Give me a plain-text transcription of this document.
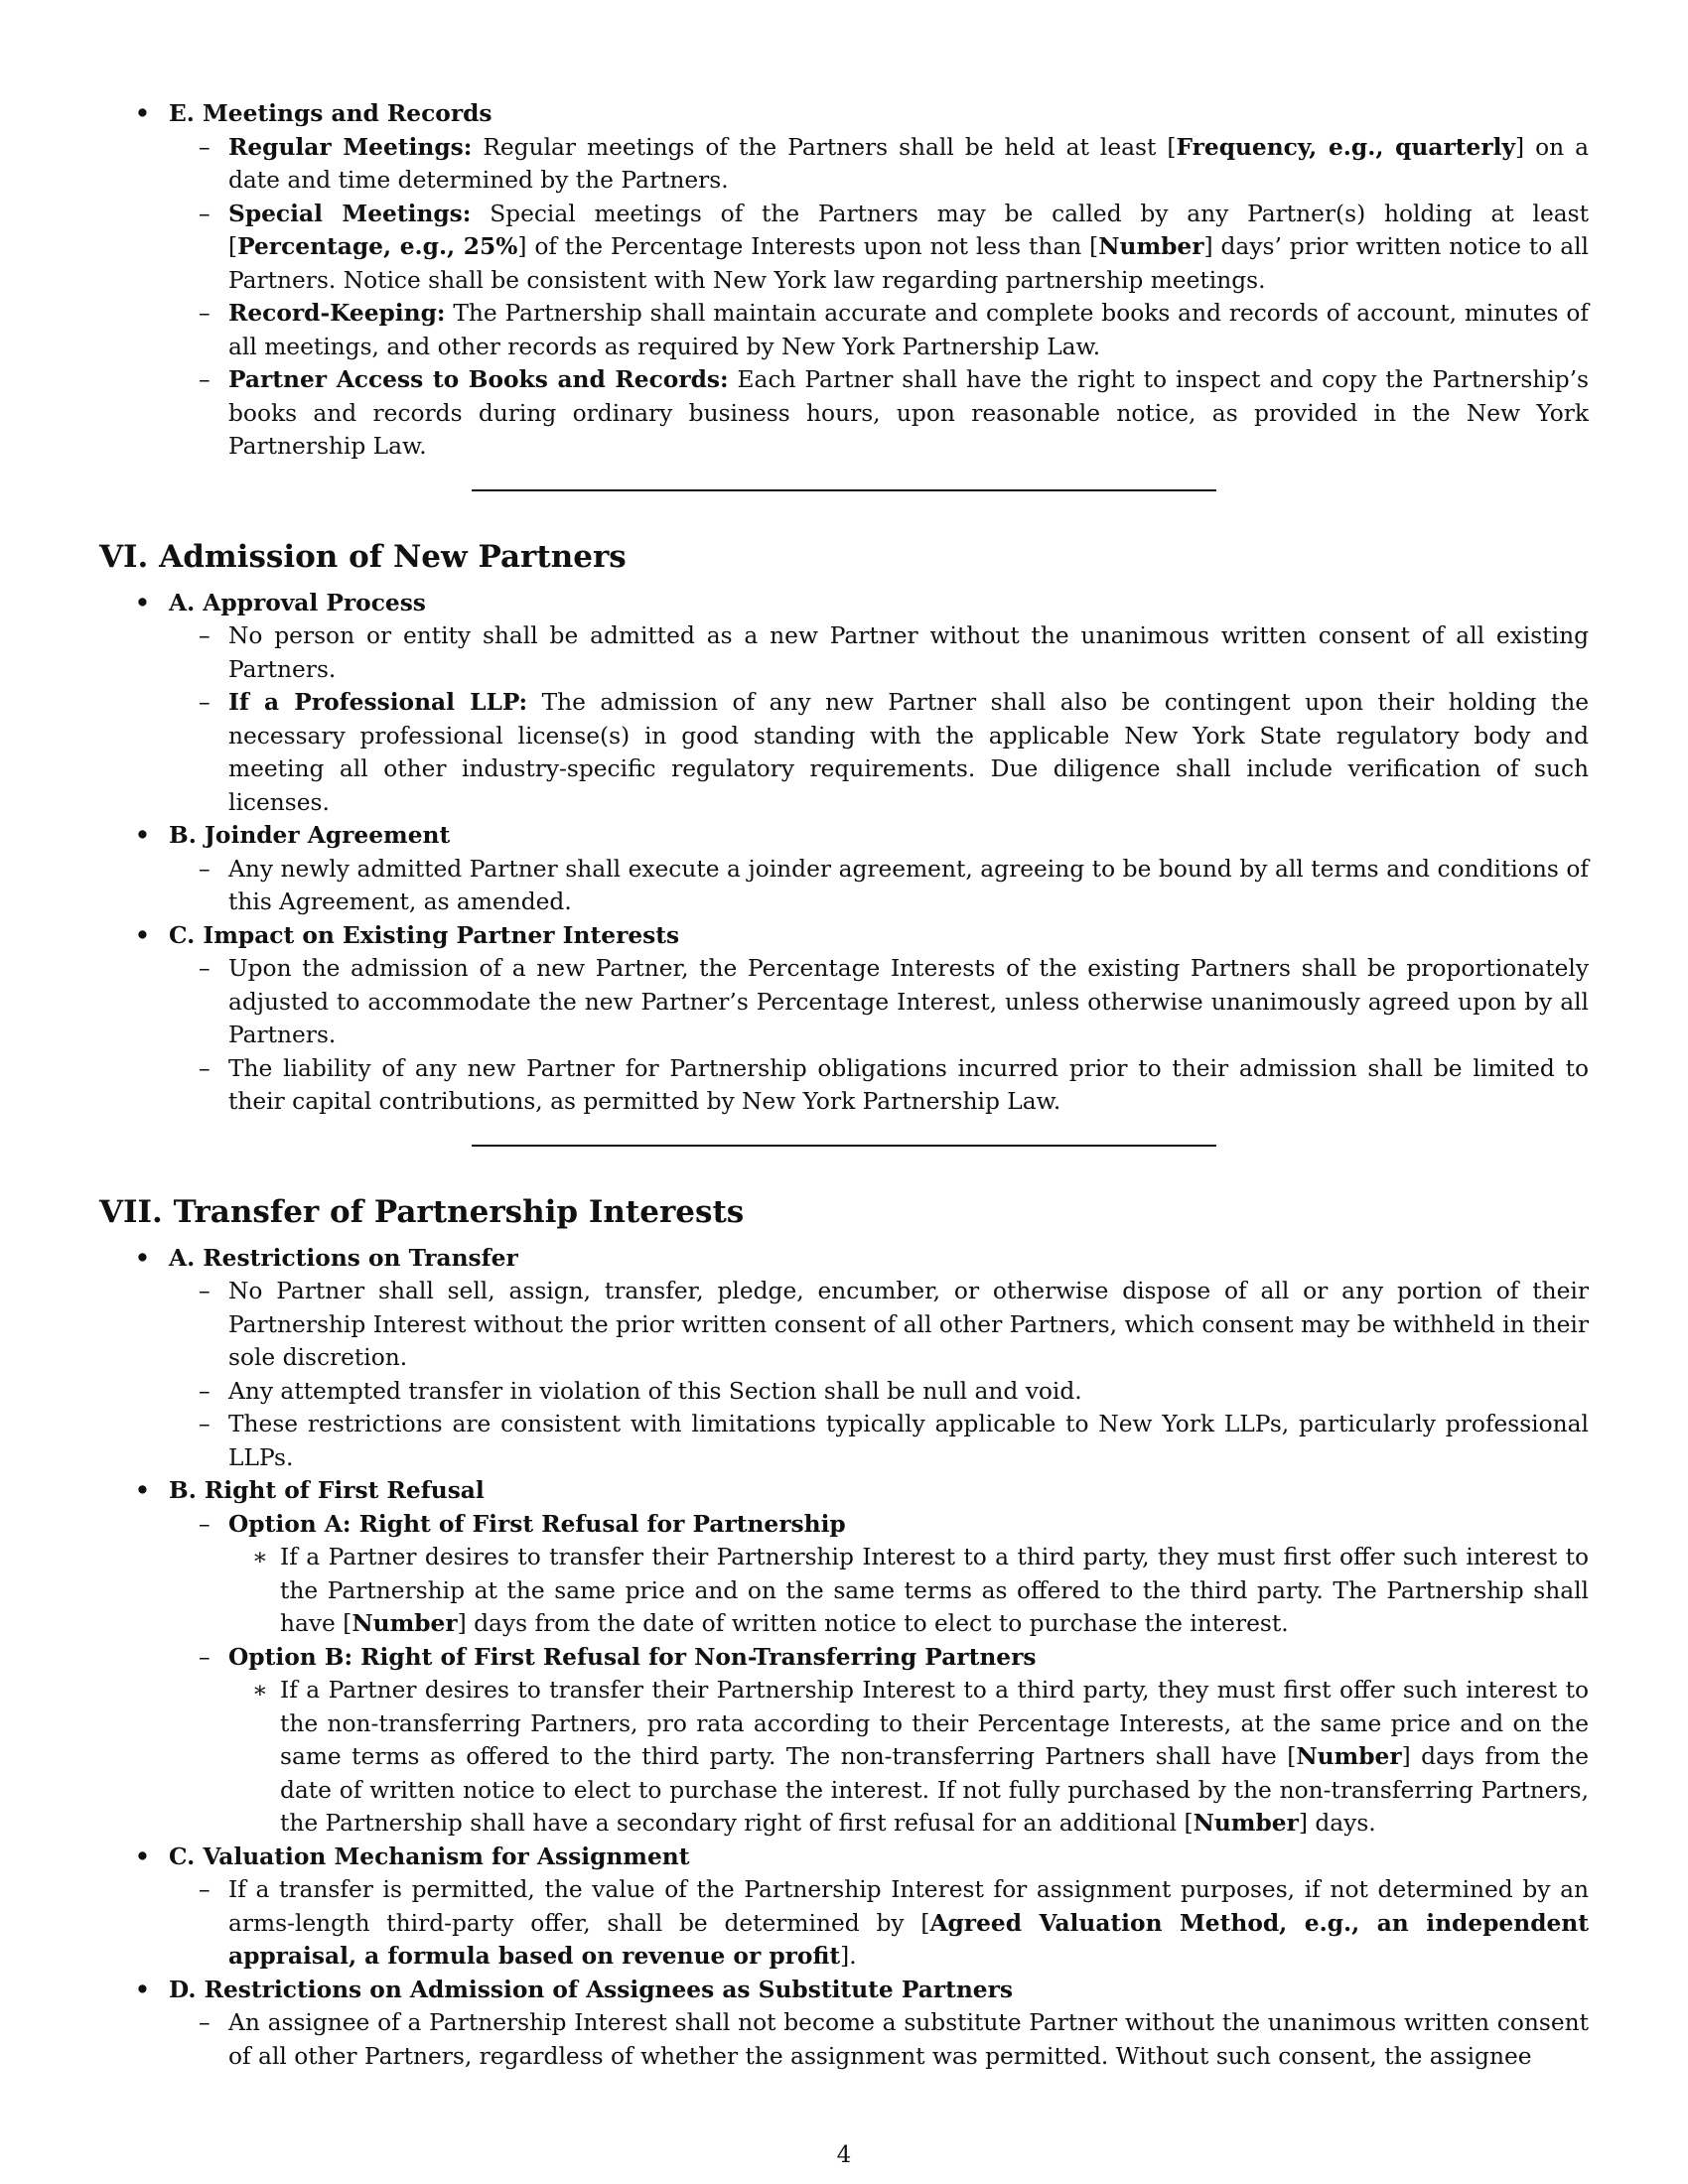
• E. Meetings and Records
– Regular Meetings: Regular meetings of the Partners shall be held at least [Frequency, e.g., quarterly] on a date and time determined by the Partners.
– Special Meetings: Special meetings of the Partners may be called by any Partner(s) holding at least [Percentage, e.g., 25%] of the Percentage Interests upon not less than [Number] days’ prior written notice to all Partners. Notice shall be consistent with New York law regarding partnership meetings.
– Record-Keeping: The Partnership shall maintain accurate and complete books and records of account, minutes of all meetings, and other records as required by New York Partnership Law.
– Partner Access to Books and Records: Each Partner shall have the right to inspect and copy the Partnership’s books and records during ordinary business hours, upon reasonable notice, as provided in the New York Partnership Law.
VI. Admission of New Partners
• A. Approval Process
– No person or entity shall be admitted as a new Partner without the unanimous written consent of all existing Partners.
– If a Professional LLP: The admission of any new Partner shall also be contingent upon their holding the necessary professional license(s) in good standing with the applicable New York State regulatory body and meeting all other industry-specific regulatory requirements. Due diligence shall include verification of such licenses.
• B. Joinder Agreement
– Any newly admitted Partner shall execute a joinder agreement, agreeing to be bound by all terms and conditions of this Agreement, as amended.
• C. Impact on Existing Partner Interests
– Upon the admission of a new Partner, the Percentage Interests of the existing Partners shall be proportionately adjusted to accommodate the new Partner’s Percentage Interest, unless otherwise unanimously agreed upon by all Partners.
– The liability of any new Partner for Partnership obligations incurred prior to their admission shall be limited to their capital contributions, as permitted by New York Partnership Law.
VII. Transfer of Partnership Interests
• A. Restrictions on Transfer
– No Partner shall sell, assign, transfer, pledge, encumber, or otherwise dispose of all or any portion of their Partnership Interest without the prior written consent of all other Partners, which consent may be withheld in their sole discretion.
– Any attempted transfer in violation of this Section shall be null and void.
– These restrictions are consistent with limitations typically applicable to New York LLPs, particularly professional LLPs.
• B. Right of First Refusal
– Option A: Right of First Refusal for Partnership
∗ If a Partner desires to transfer their Partnership Interest to a third party, they must first offer such interest to the Partnership at the same price and on the same terms as offered to the third party. The Partnership shall have [Number] days from the date of written notice to elect to purchase the interest.
– Option B: Right of First Refusal for Non-Transferring Partners
∗ If a Partner desires to transfer their Partnership Interest to a third party, they must first offer such interest to the non-transferring Partners, pro rata according to their Percentage Interests, at the same price and on the same terms as offered to the third party. The non-transferring Partners shall have [Number] days from the date of written notice to elect to purchase the interest. If not fully purchased by the non-transferring Partners, the Partnership shall have a secondary right of first refusal for an additional [Number] days.
• C. Valuation Mechanism for Assignment
– If a transfer is permitted, the value of the Partnership Interest for assignment purposes, if not determined by an arms-length third-party offer, shall be determined by [Agreed Valuation Method, e.g., an independent appraisal, a formula based on revenue or profit].
• D. Restrictions on Admission of Assignees as Substitute Partners
– An assignee of a Partnership Interest shall not become a substitute Partner without the unanimous written consent of all other Partners, regardless of whether the assignment was permitted. Without such consent, the assignee
4
